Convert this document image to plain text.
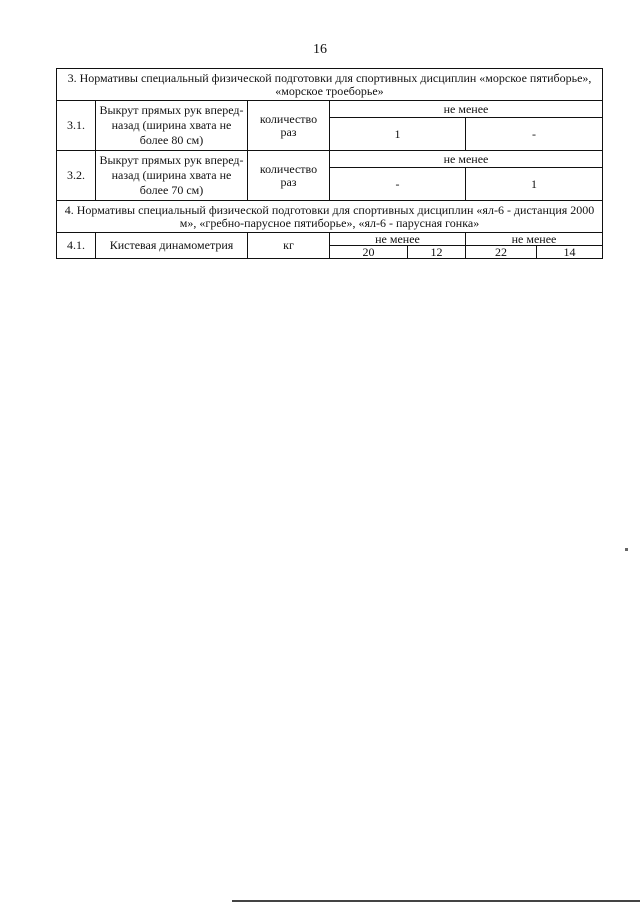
16
3. Нормативы специальный физической подготовки для спортивных дисциплин «морское пятиборье», «морское троеборье»						
3.1.	Выкрут прямых рук вперед-назад (ширина хвата не более 80 см)	количество раз	не менее			
			1		-	
3.2.	Выкрут прямых рук вперед-назад (ширина хвата не более 70 см)	количество раз	не менее			
			-		1	
4. Нормативы специальный физической подготовки для спортивных дисциплин «ял-6 - дистанция 2000 м», «гребно-парусное пятиборье», «ял-6 - парусная гонка»						
4.1.	Кистевая динамометрия	кг	не менее		не менее	
			20	12	22	14
